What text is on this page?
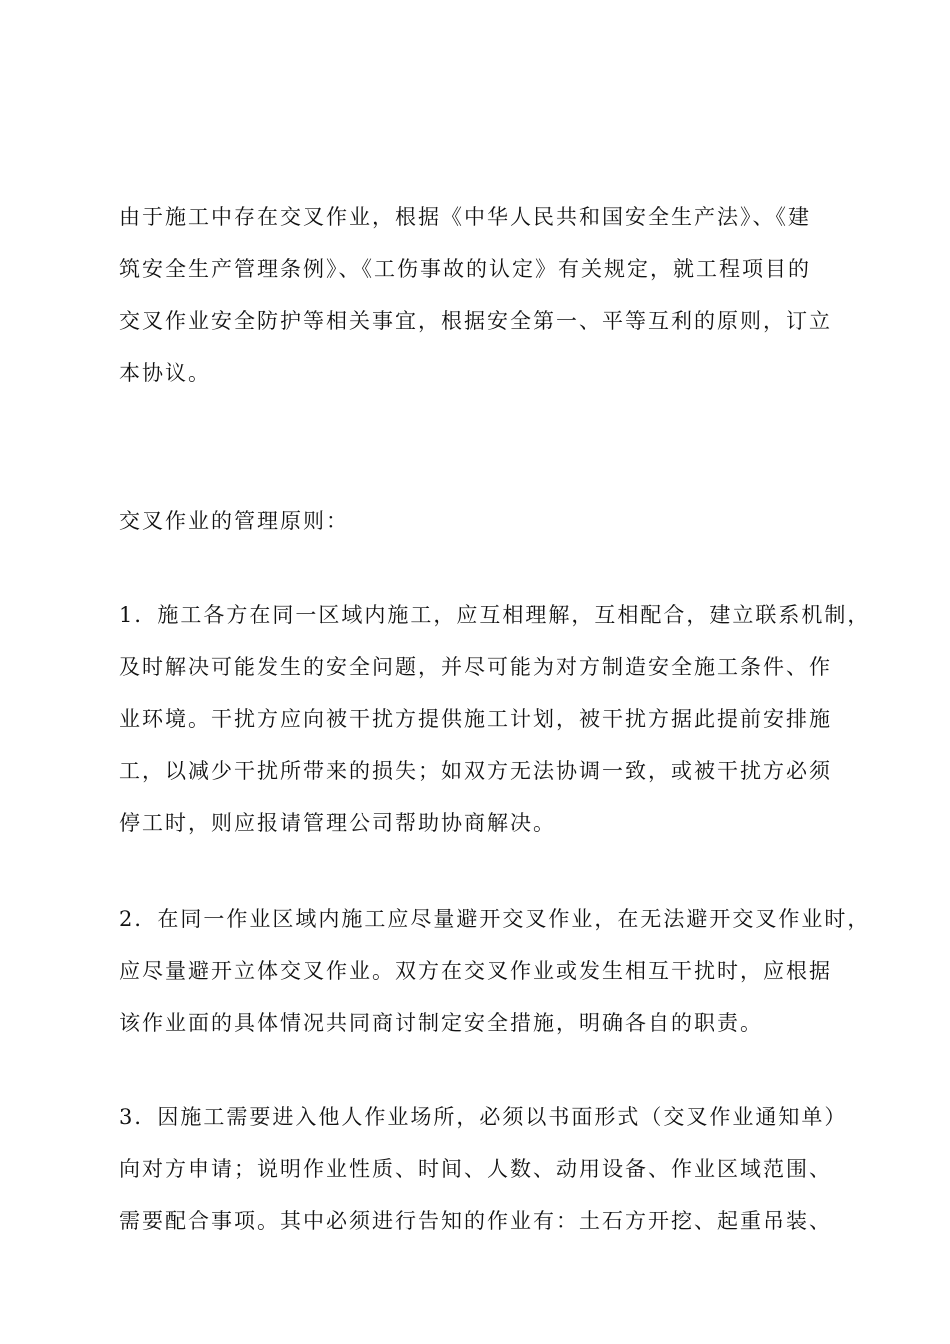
由于施工中存在交叉作业，根据《中华人民共和国安全生产法》、《建
筑安全生产管理条例》、《工伤事故的认定》有关规定，就工程项目的
交叉作业安全防护等相关事宜，根据安全第一、平等互利的原则，订立
本协议。
交叉作业的管理原则：
1．施工各方在同一区域内施工，应互相理解，互相配合，建立联系机制，
及时解决可能发生的安全问题，并尽可能为对方制造安全施工条件、作
业环境。干扰方应向被干扰方提供施工计划，被干扰方据此提前安排施
工，以减少干扰所带来的损失；如双方无法协调一致，或被干扰方必须
停工时，则应报请管理公司帮助协商解决。
2．在同一作业区域内施工应尽量避开交叉作业，在无法避开交叉作业时，
应尽量避开立体交叉作业。双方在交叉作业或发生相互干扰时，应根据
该作业面的具体情况共同商讨制定安全措施，明确各自的职责。
3．因施工需要进入他人作业场所，必须以书面形式（交叉作业通知单）
向对方申请；说明作业性质、时间、人数、动用设备、作业区域范围、
需要配合事项。其中必须进行告知的作业有：土石方开挖、起重吊装、
